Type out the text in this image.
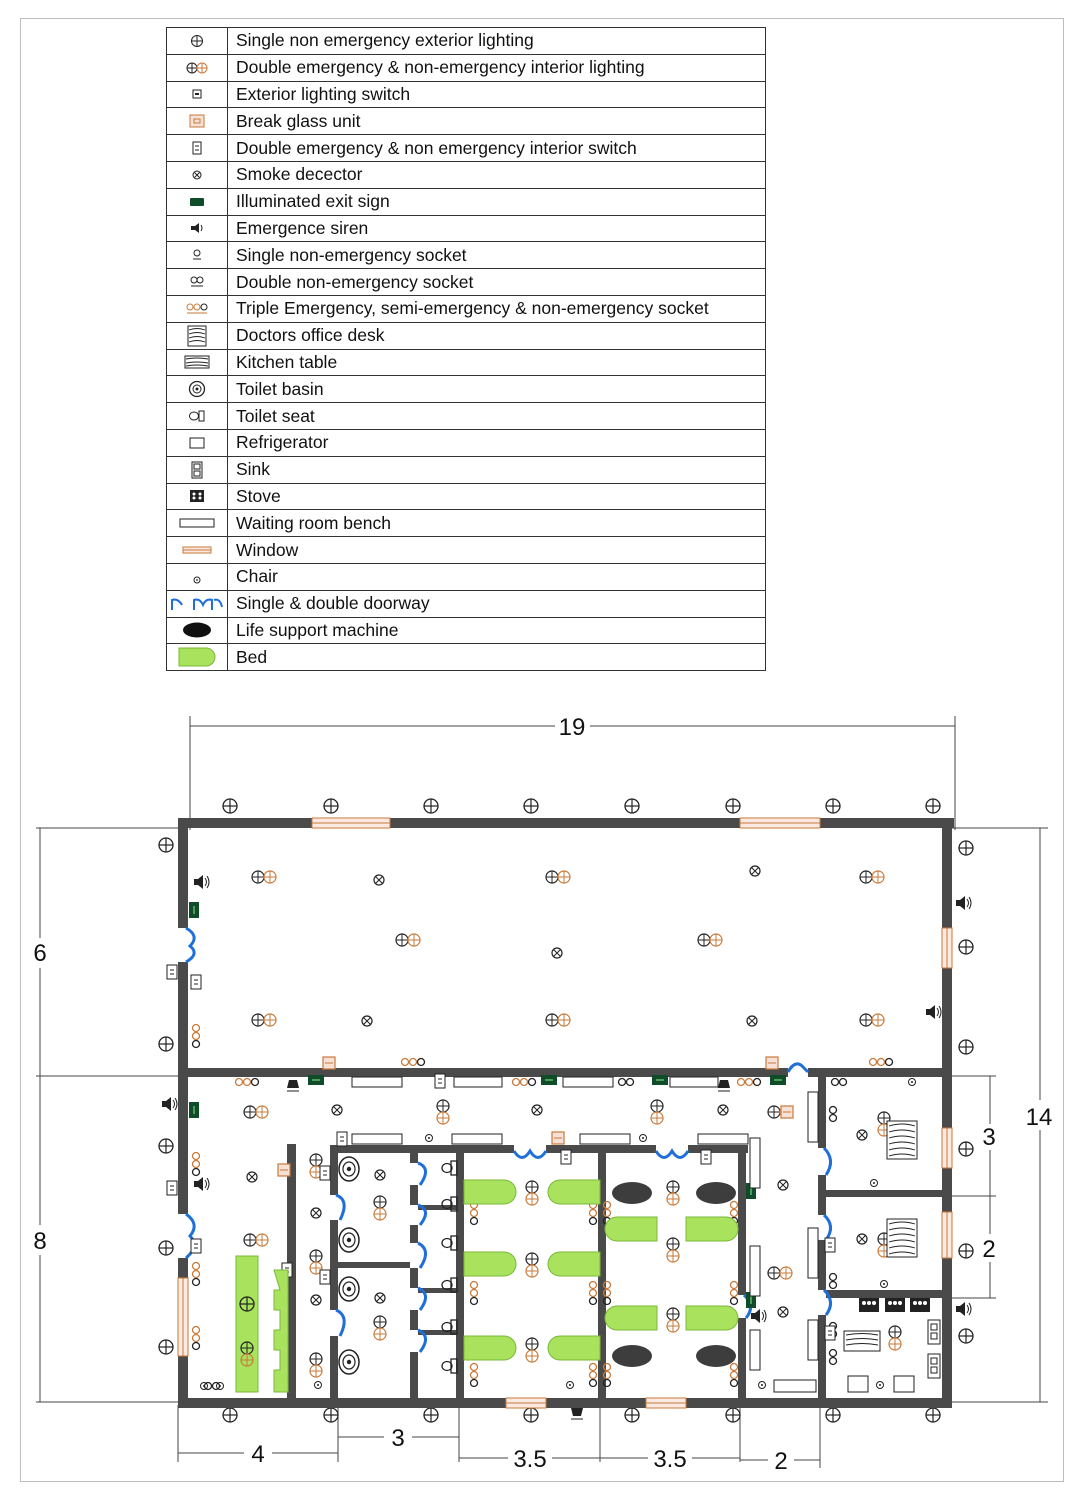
	Single non emergency exterior lighting

	Double emergency & non-emergency interior lighting

	Exterior lighting switch

	Break glass unit

	Double emergency & non emergency interior switch

	Smoke decector

	Illuminated exit sign

	Emergence siren

	Single non-emergency socket

	Double non-emergency socket

	Triple Emergency, semi-emergency & non-emergency socket

	Doctors office desk

	Kitchen table

	Toilet basin

	Toilet seat

	Refrigerator

	Sink

	Stove

	Waiting room bench

	Window

	Chair

	Single & double doorway

	Life support machine

	Bed
19
6
8
14
3
2
4
3
3.5	3.5	2
